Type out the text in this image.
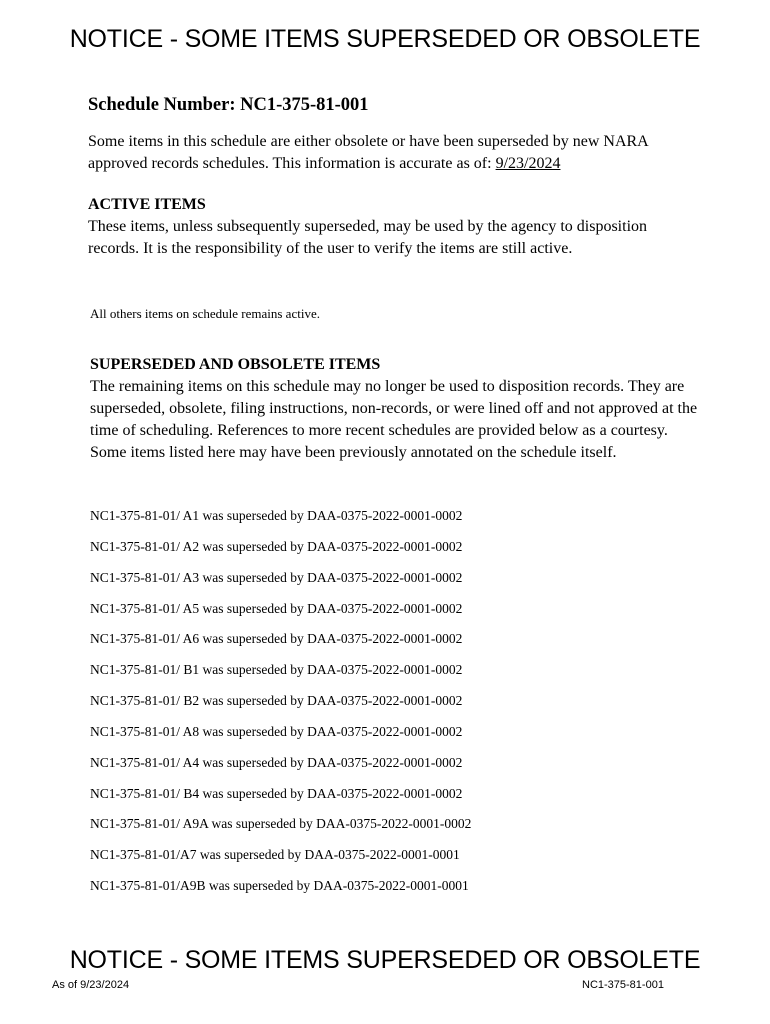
NOTICE - SOME ITEMS SUPERSEDED OR OBSOLETE
Schedule Number: NC1-375-81-001
Some items in this schedule are either obsolete or have been superseded by new NARA approved records schedules. This information is accurate as of: 9/23/2024
ACTIVE ITEMS
These items, unless subsequently superseded, may be used by the agency to disposition records. It is the responsibility of the user to verify the items are still active.
All others items on schedule remains active.
SUPERSEDED AND OBSOLETE ITEMS
The remaining items on this schedule may no longer be used to disposition records. They are superseded, obsolete, filing instructions, non-records, or were lined off and not approved at the time of scheduling. References to more recent schedules are provided below as a courtesy. Some items listed here may have been previously annotated on the schedule itself.
NC1-375-81-01/ A1 was superseded by DAA-0375-2022-0001-0002
NC1-375-81-01/ A2 was superseded by DAA-0375-2022-0001-0002
NC1-375-81-01/ A3 was superseded by DAA-0375-2022-0001-0002
NC1-375-81-01/ A5 was superseded by DAA-0375-2022-0001-0002
NC1-375-81-01/ A6 was superseded by DAA-0375-2022-0001-0002
NC1-375-81-01/ B1 was superseded by DAA-0375-2022-0001-0002
NC1-375-81-01/ B2 was superseded by DAA-0375-2022-0001-0002
NC1-375-81-01/ A8 was superseded by DAA-0375-2022-0001-0002
NC1-375-81-01/ A4 was superseded by DAA-0375-2022-0001-0002
NC1-375-81-01/ B4 was superseded by DAA-0375-2022-0001-0002
NC1-375-81-01/ A9A was superseded by DAA-0375-2022-0001-0002
NC1-375-81-01/A7 was superseded by DAA-0375-2022-0001-0001
NC1-375-81-01/A9B was superseded by DAA-0375-2022-0001-0001
NOTICE - SOME ITEMS SUPERSEDED OR OBSOLETE
As of 9/23/2024	NC1-375-81-001
